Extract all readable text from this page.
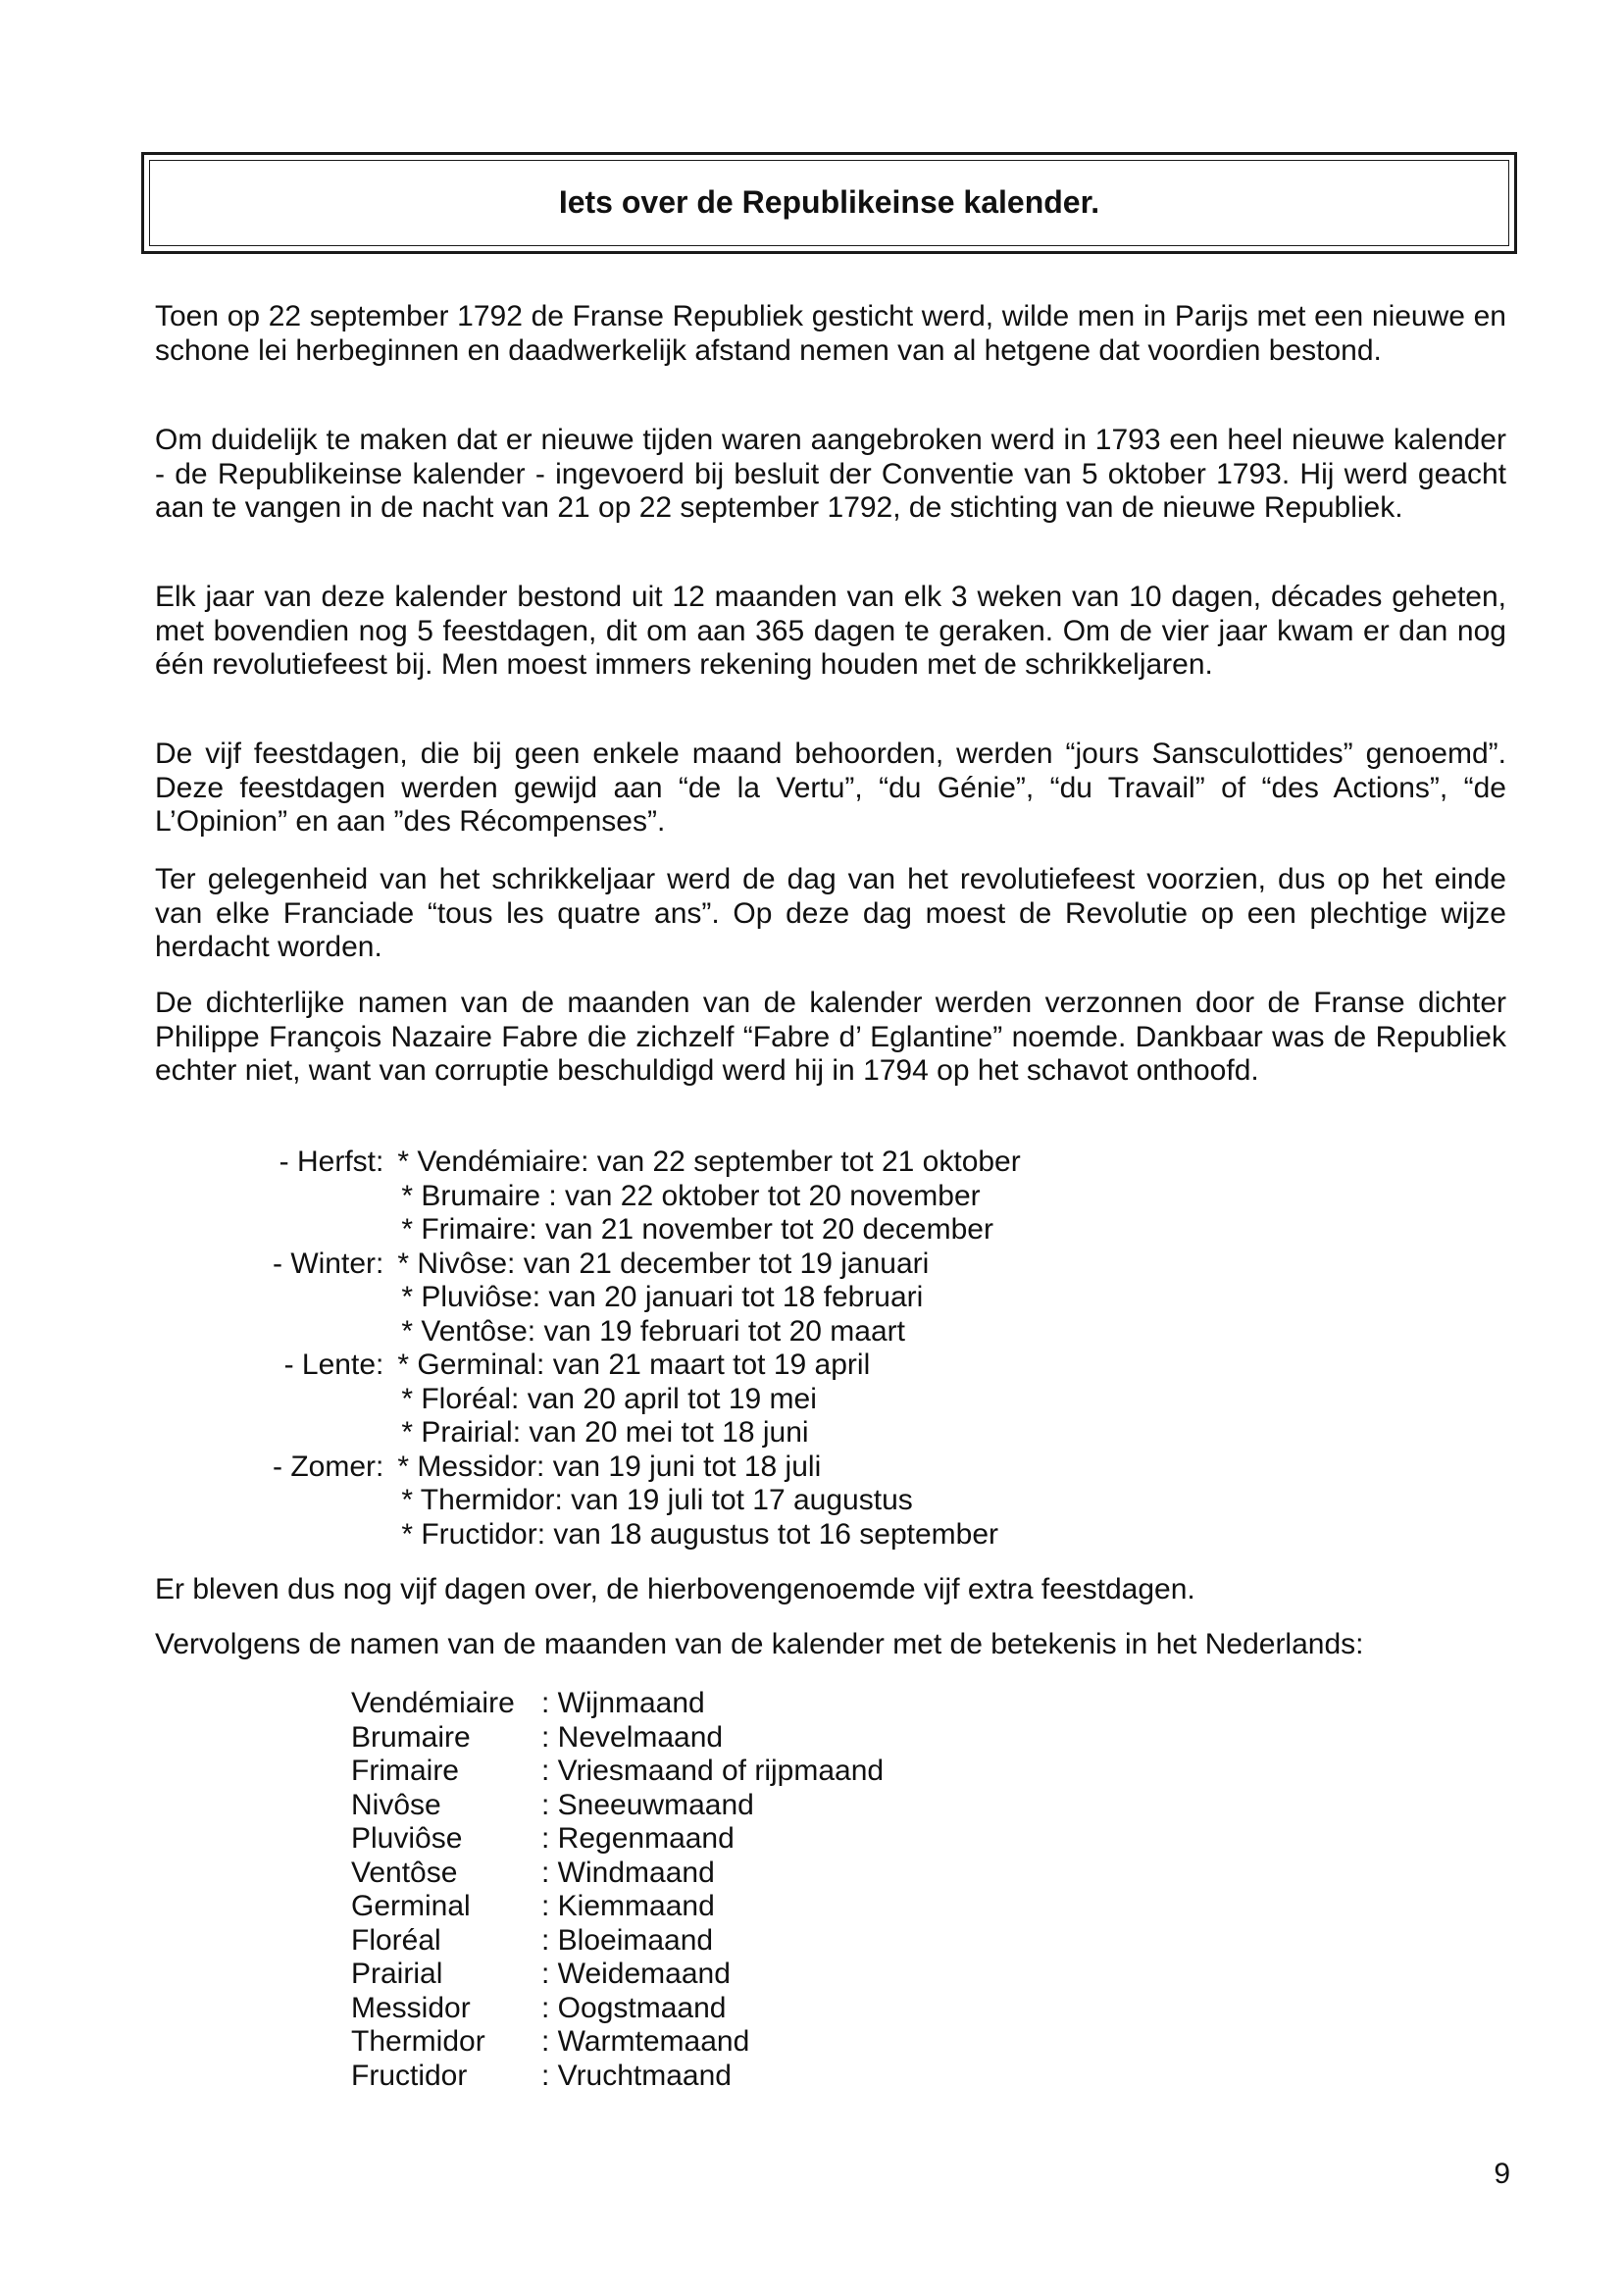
Iets over de Republikeinse kalender.

Toen op 22 september 1792 de Franse Republiek gesticht werd, wilde men in Parijs met een nieuwe en schone lei herbeginnen en daadwerkelijk afstand nemen van al hetgene dat voordien bestond.

Om duidelijk te maken dat er nieuwe tijden waren aangebroken werd in 1793 een heel nieuwe kalender - de Republikeinse kalender - ingevoerd bij besluit der Conventie van 5 oktober 1793. Hij werd geacht aan te vangen in de nacht van 21 op 22 september 1792, de stichting van de nieuwe Republiek.

Elk jaar van deze kalender bestond uit 12 maanden van elk 3 weken van 10 dagen, décades geheten, met bovendien nog 5 feestdagen, dit om aan 365 dagen te geraken. Om de vier jaar kwam er dan nog één revolutiefeest bij. Men moest immers rekening houden met de schrikkeljaren.

De vijf feestdagen, die bij geen enkele maand behoorden, werden “jours Sansculottides” genoemd”. Deze feestdagen werden gewijd aan “de la Vertu”, “du Génie”, “du Travail” of “des Actions”, “de L’Opinion” en aan ”des Récompenses”.

Ter gelegenheid van het schrikkeljaar werd de dag van het revolutiefeest voorzien, dus op het einde van elke Franciade “tous les quatre ans”. Op deze dag moest de Revolutie op een plechtige wijze herdacht worden.

De dichterlijke namen van de maanden van de kalender werden verzonnen door de Franse dichter Philippe François Nazaire Fabre die zichzelf “Fabre d’ Eglantine” noemde. Dankbaar was de Republiek echter niet, want van corruptie beschuldigd werd hij in 1794 op het schavot onthoofd.

- Herfst:	* Vendémiaire: van 22 september tot 21 oktober
	* Brumaire : van 22 oktober tot 20 november
	* Frimaire: van 21 november tot 20 december
- Winter:	* Nivôse: van 21 december tot 19 januari
	* Pluviôse: van 20 januari tot 18 februari
	* Ventôse: van 19 februari tot 20 maart
- Lente:	* Germinal: van 21 maart tot 19 april
	* Floréal: van 20 april tot 19 mei
	* Prairial: van 20 mei tot 18 juni
- Zomer:	* Messidor: van 19 juni tot 18 juli
	* Thermidor: van 19 juli tot 17 augustus
	* Fructidor: van 18 augustus tot 16 september

Er bleven dus nog vijf dagen over, de hierbovengenoemde vijf extra feestdagen.

Vervolgens de namen van de maanden van de kalender met de betekenis in het Nederlands:

Vendémiaire	: Wijnmaand
Brumaire	: Nevelmaand
Frimaire	: Vriesmaand of rijpmaand
Nivôse	: Sneeuwmaand
Pluviôse	: Regenmaand
Ventôse	: Windmaand
Germinal	: Kiemmaand
Floréal	: Bloeimaand
Prairial	: Weidemaand
Messidor	: Oogstmaand
Thermidor	: Warmtemaand
Fructidor	: Vruchtmaand
9
